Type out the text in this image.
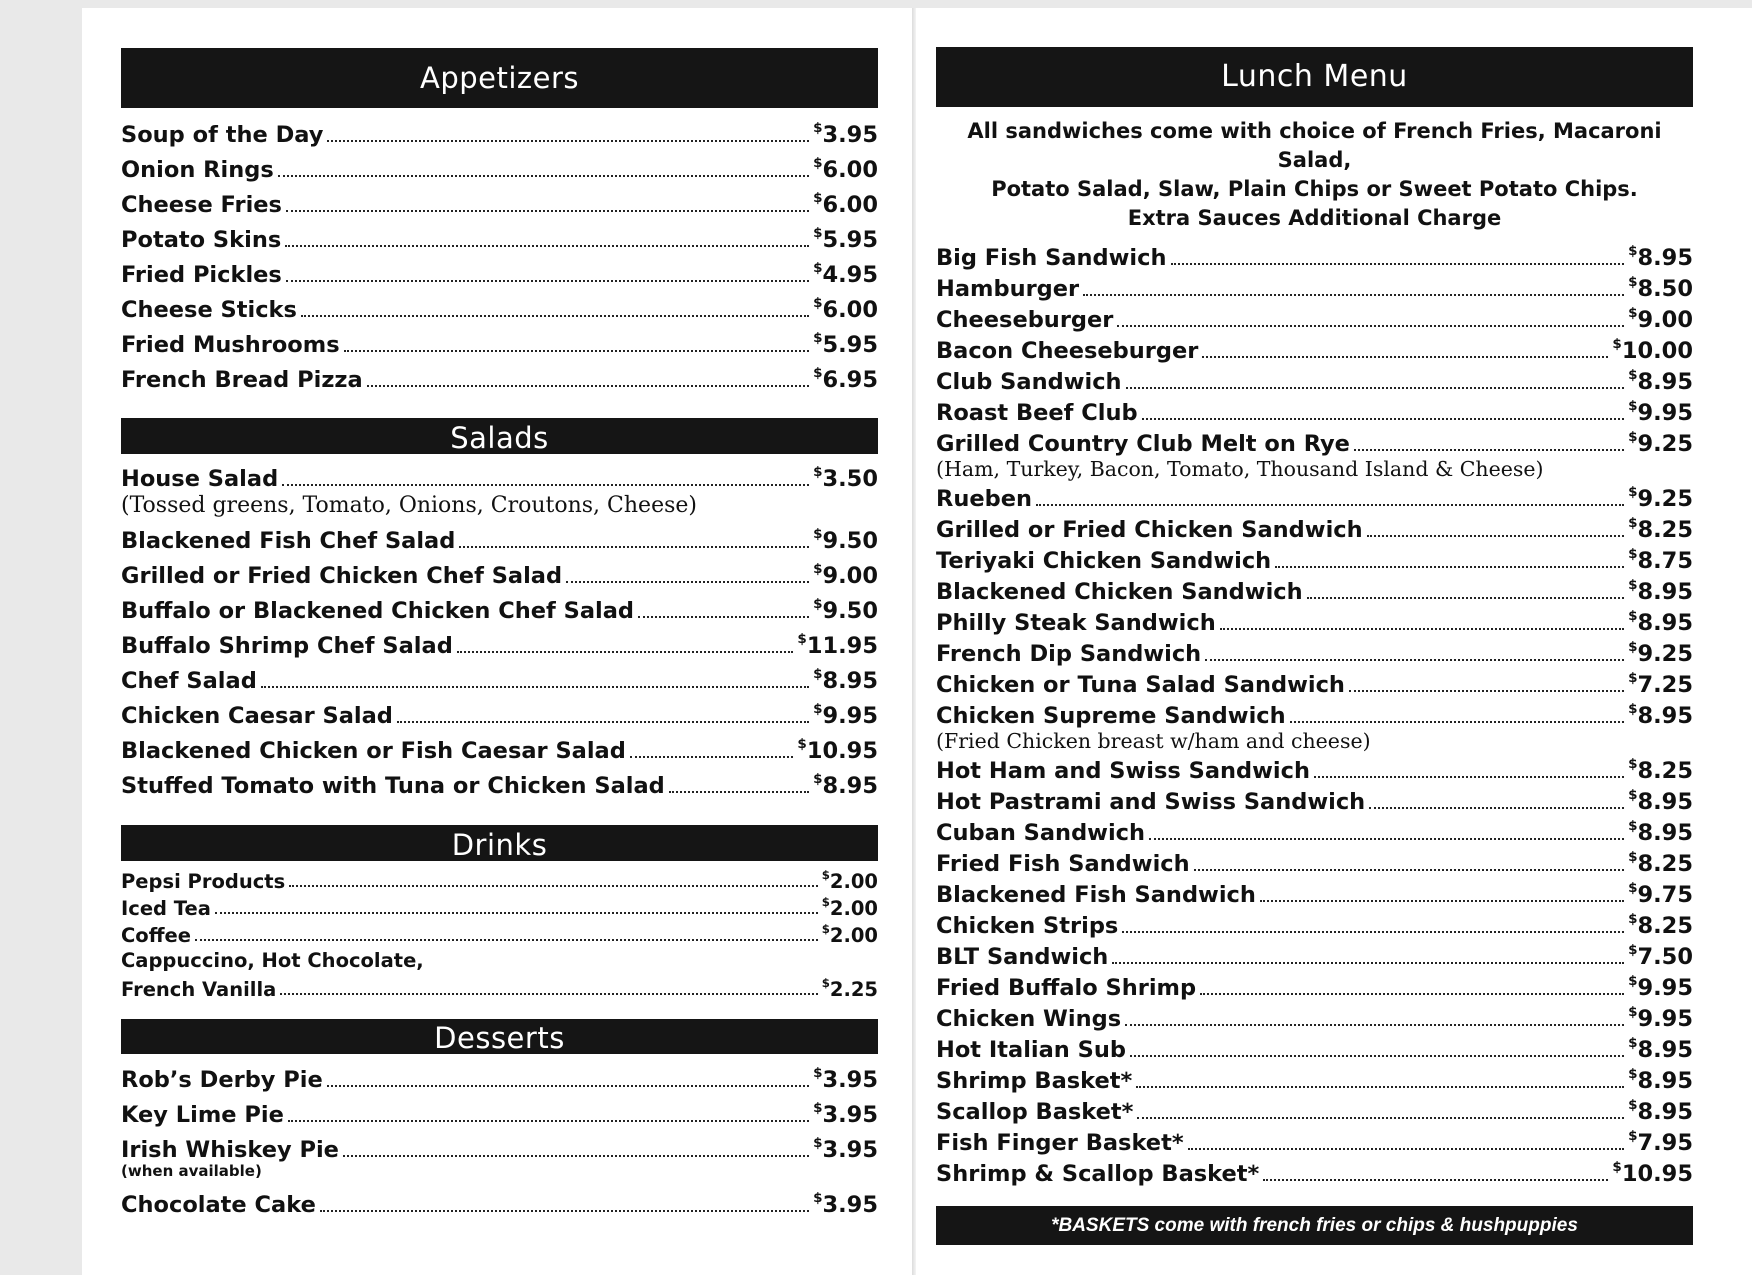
Appetizers
Soup of the Day	$3.95
Onion Rings	$6.00
Cheese Fries	$6.00
Potato Skins	$5.95
Fried Pickles	$4.95
Cheese Sticks	$6.00
Fried Mushrooms	$5.95
French Bread Pizza	$6.95
Salads
House Salad	$3.50
(Tossed greens, Tomato, Onions, Croutons, Cheese)
Blackened Fish Chef Salad	$9.50
Grilled or Fried Chicken Chef Salad	$9.00
Buffalo or Blackened Chicken Chef Salad	$9.50
Buffalo Shrimp Chef Salad	$11.95
Chef Salad	$8.95
Chicken Caesar Salad	$9.95
Blackened Chicken or Fish Caesar Salad	$10.95
Stuffed Tomato with Tuna or Chicken Salad	$8.95
Drinks
Pepsi Products	$2.00
Iced Tea	$2.00
Coffee	$2.00
Cappuccino, Hot Chocolate,
French Vanilla	$2.25
Desserts
Rob’s Derby Pie	$3.95
Key Lime Pie	$3.95
Irish Whiskey Pie	$3.95
(when available)
Chocolate Cake	$3.95
Lunch Menu
All sandwiches come with choice of French Fries, Macaroni Salad,
Potato Salad, Slaw, Plain Chips or Sweet Potato Chips.
Extra Sauces Additional Charge
Big Fish Sandwich	$8.95
Hamburger	$8.50
Cheeseburger	$9.00
Bacon Cheeseburger	$10.00
Club Sandwich	$8.95
Roast Beef Club	$9.95
Grilled Country Club Melt on Rye	$9.25
(Ham, Turkey, Bacon, Tomato, Thousand Island & Cheese)
Rueben	$9.25
Grilled or Fried Chicken Sandwich	$8.25
Teriyaki Chicken Sandwich	$8.75
Blackened Chicken Sandwich	$8.95
Philly Steak Sandwich	$8.95
French Dip Sandwich	$9.25
Chicken or Tuna Salad Sandwich	$7.25
Chicken Supreme Sandwich	$8.95
(Fried Chicken breast w/ham and cheese)
Hot Ham and Swiss Sandwich	$8.25
Hot Pastrami and Swiss Sandwich	$8.95
Cuban Sandwich	$8.95
Fried Fish Sandwich	$8.25
Blackened Fish Sandwich	$9.75
Chicken Strips	$8.25
BLT Sandwich	$7.50
Fried Buffalo Shrimp	$9.95
Chicken Wings	$9.95
Hot Italian Sub	$8.95
Shrimp Basket*	$8.95
Scallop Basket*	$8.95
Fish Finger Basket*	$7.95
Shrimp & Scallop Basket*	$10.95
*BASKETS come with french fries or chips & hushpuppies
